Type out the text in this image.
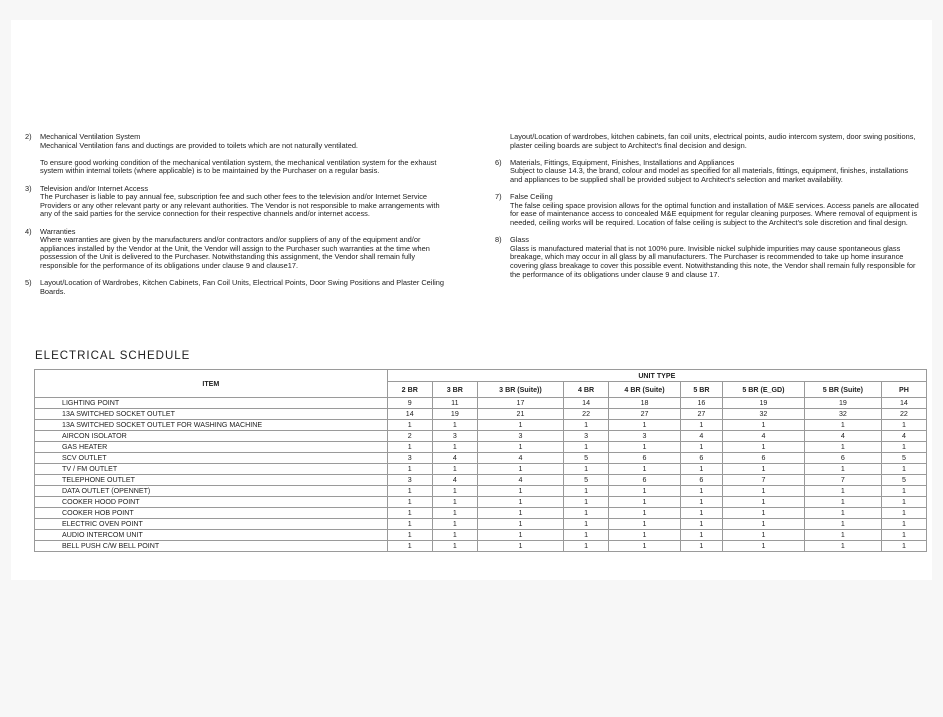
2)	Mechanical Ventilation System

Mechanical Ventilation fans and ductings are provided to toilets which are not naturally ventilated.
To ensure good working condition of the mechanical ventilation system, the mechanical ventilation system for the exhaust system within internal toilets (where applicable) is to be maintained by the Purchaser on a regular basis.
3)	Television and/or Internet Access

The Purchaser is liable to pay annual fee, subscription fee and such other fees to the television and/or Internet Service Providers or any other relevant party or any relevant authorities. The Vendor is not responsible to make arrangements with any of the said parties for the service connection for their respective channels and/or internet access.
4)	Warranties

Where warranties are given by the manufacturers and/or contractors and/or suppliers of any of the equipment and/or appliances installed by the Vendor at the Unit, the Vendor will assign to the Purchaser such warranties at the time when possession of the Unit is delivered to the Purchaser. Notwithstanding this assignment, the Vendor shall remain fully responsible for the performance of its obligations under clause 9 and clause17.
5)	Layout/Location of Wardrobes, Kitchen Cabinets, Fan Coil Units, Electrical Points, Door Swing Positions and Plaster Ceiling Boards.

Layout/Location of wardrobes, kitchen cabinets, fan coil units, electrical points, audio intercom system, door swing positions, plaster ceiling boards are subject to Architect's final decision and design.

6)	Materials, Fittings, Equipment, Finishes, Installations and Appliances

Subject to clause 14.3, the brand, colour and model as specified for all materials, fittings, equipment, finishes, installations and appliances to be supplied shall be provided subject to Architect's selection and market availability.
7)	False Ceiling

The false ceiling space provision allows for the optimal function and installation of M&E services. Access panels are allocated for ease of maintenance access to concealed M&E equipment for regular cleaning purposes. Where removal of equipment is needed, ceiling works will be required. Location of false ceiling is subject to the Architect's sole discretion and final design.
8)	Glass

Glass is manufactured material that is not 100% pure. Invisible nickel sulphide impurities may cause spontaneous glass breakage, which may occur in all glass by all manufacturers. The Purchaser is recommended to take up home insurance covering glass breakage to cover this possible event. Notwithstanding this note, the Vendor shall remain fully responsible for the performance of its obligations under clause 9 and clause 17.
ELECTRICAL SCHEDULE
ITEM	UNIT TYPE								
	2 BR	3 BR	3 BR (Suite))	4 BR	4 BR (Suite)	5 BR	5 BR (E_GD)	5 BR (Suite)	PH
LIGHTING POINT	9	11	17	14	18	16	19	19	14
13A SWITCHED SOCKET OUTLET	14	19	21	22	27	27	32	32	22
13A SWITCHED SOCKET OUTLET FOR WASHING MACHINE	1	1	1	1	1	1	1	1	1
AIRCON ISOLATOR	2	3	3	3	3	4	4	4	4
GAS HEATER	1	1	1	1	1	1	1	1	1
SCV OUTLET	3	4	4	5	6	6	6	6	5
TV / FM OUTLET	1	1	1	1	1	1	1	1	1
TELEPHONE OUTLET	3	4	4	5	6	6	7	7	5
DATA OUTLET (OPENNET)	1	1	1	1	1	1	1	1	1
COOKER HOOD POINT	1	1	1	1	1	1	1	1	1
COOKER HOB POINT	1	1	1	1	1	1	1	1	1
ELECTRIC OVEN POINT	1	1	1	1	1	1	1	1	1
AUDIO INTERCOM UNIT	1	1	1	1	1	1	1	1	1
BELL PUSH C/W BELL POINT	1	1	1	1	1	1	1	1	1
